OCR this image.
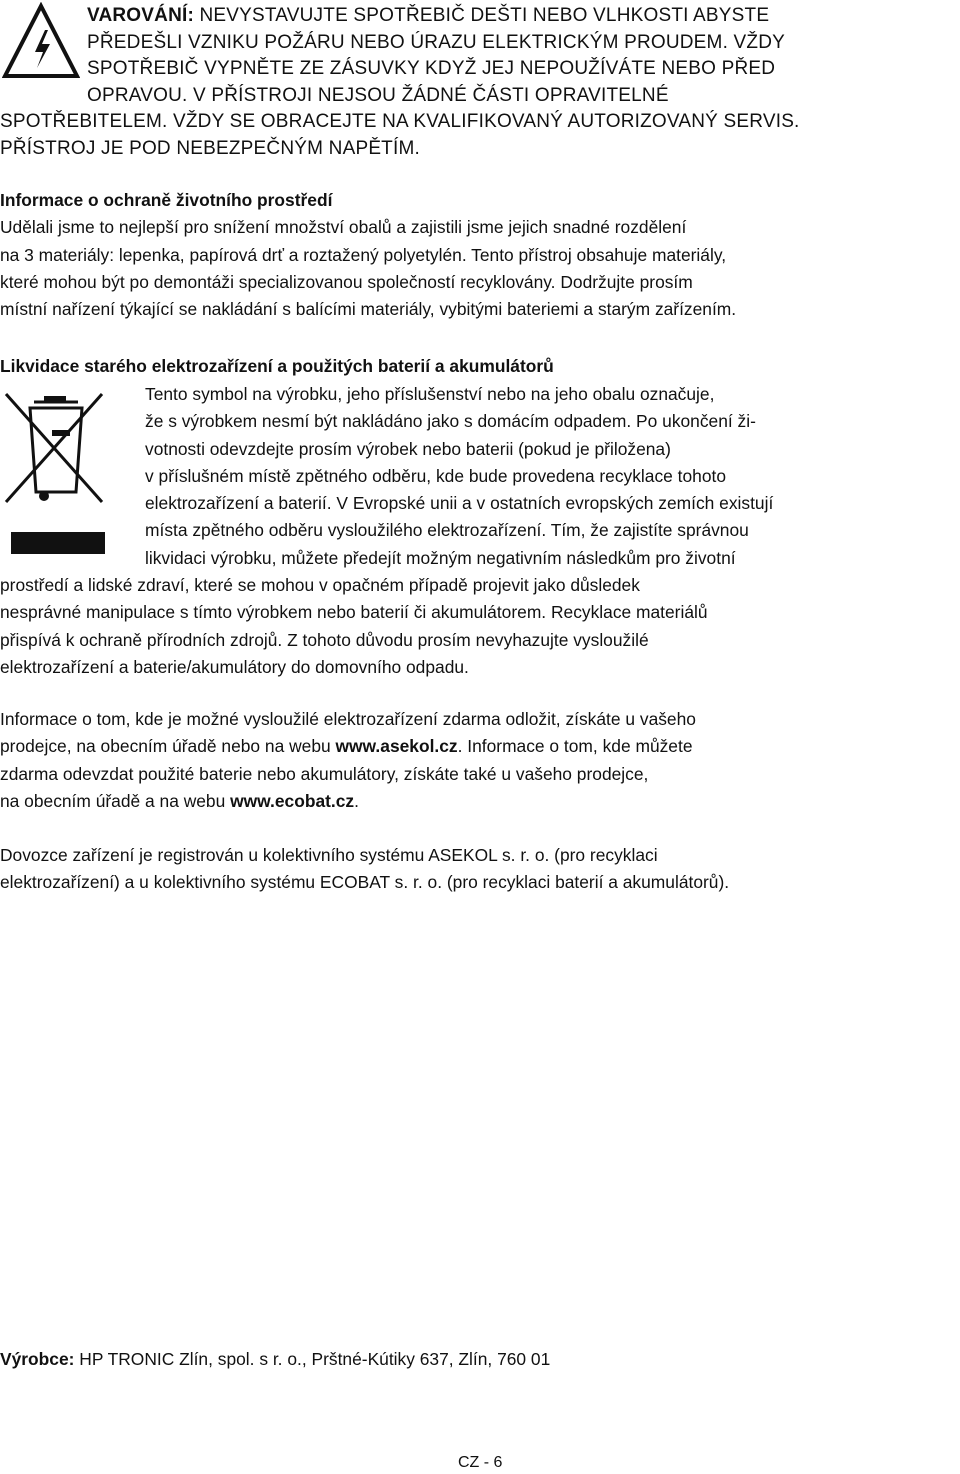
VAROVÁNÍ: NEVYSTAVUJTE SPOTŘEBIČ DEŠTI NEBO VLHKOSTI ABYSTE
PŘEDEŠLI VZNIKU POŽÁRU NEBO ÚRAZU ELEKTRICKÝM PROUDEM. VŽDY
SPOTŘEBIČ VYPNĚTE ZE ZÁSUVKY KDYŽ JEJ NEPOUŽÍVÁTE NEBO PŘED
OPRAVOU. V PŘÍSTROJI NEJSOU ŽÁDNÉ ČÁSTI OPRAVITELNÉ
SPOTŘEBITELEM. VŽDY SE OBRACEJTE NA KVALIFIKOVANÝ AUTORIZOVANÝ SERVIS.
PŘÍSTROJ JE POD NEBEZPEČNÝM NAPĚTÍM.
Informace o ochraně životního prostředí
Udělali jsme to nejlepší pro snížení množství obalů a zajistili jsme jejich snadné rozdělení
na 3 materiály: lepenka, papírová drť a roztažený polyetylén. Tento přístroj obsahuje materiály,
které mohou být po demontáži specializovanou společností recyklovány. Dodržujte prosím
místní nařízení týkající se nakládání s balícími materiály, vybitými bateriemi a starým zařízením.
Likvidace starého elektrozařízení a použitých baterií a akumulátorů
Tento symbol na výrobku, jeho příslušenství nebo na jeho obalu označuje,
že s výrobkem nesmí být nakládáno jako s domácím odpadem. Po ukončení ži-
votnosti odevzdejte prosím výrobek nebo baterii (pokud je přiložena)
v příslušném místě zpětného odběru, kde bude provedena recyklace tohoto
elektrozařízení a baterií. V Evropské unii a v ostatních evropských zemích existují
místa zpětného odběru vysloužilého elektrozařízení. Tím, že zajistíte správnou
likvidaci výrobku, můžete předejít možným negativním následkům pro životní
prostředí a lidské zdraví, které se mohou v opačném případě projevit jako důsledek
nesprávné manipulace s tímto výrobkem nebo baterií či akumulátorem. Recyklace materiálů
přispívá k ochraně přírodních zdrojů. Z tohoto důvodu prosím nevyhazujte vysloužilé
elektrozařízení a baterie/akumulátory do domovního odpadu.
Informace o tom, kde je možné vysloužilé elektrozařízení zdarma odložit, získáte u vašeho
prodejce, na obecním úřadě nebo na webu www.asekol.cz. Informace o tom, kde můžete
zdarma odevzdat použité baterie nebo akumulátory, získáte také u vašeho prodejce,
na obecním úřadě a na webu www.ecobat.cz.
Dovozce zařízení je registrován u kolektivního systému ASEKOL s. r. o. (pro recyklaci
elektrozařízení) a u kolektivního systému ECOBAT s. r. o. (pro recyklaci baterií a akumulátorů).
Výrobce: HP TRONIC Zlín, spol. s r. o., Prštné-Kútiky 637, Zlín, 760 01
CZ - 6
